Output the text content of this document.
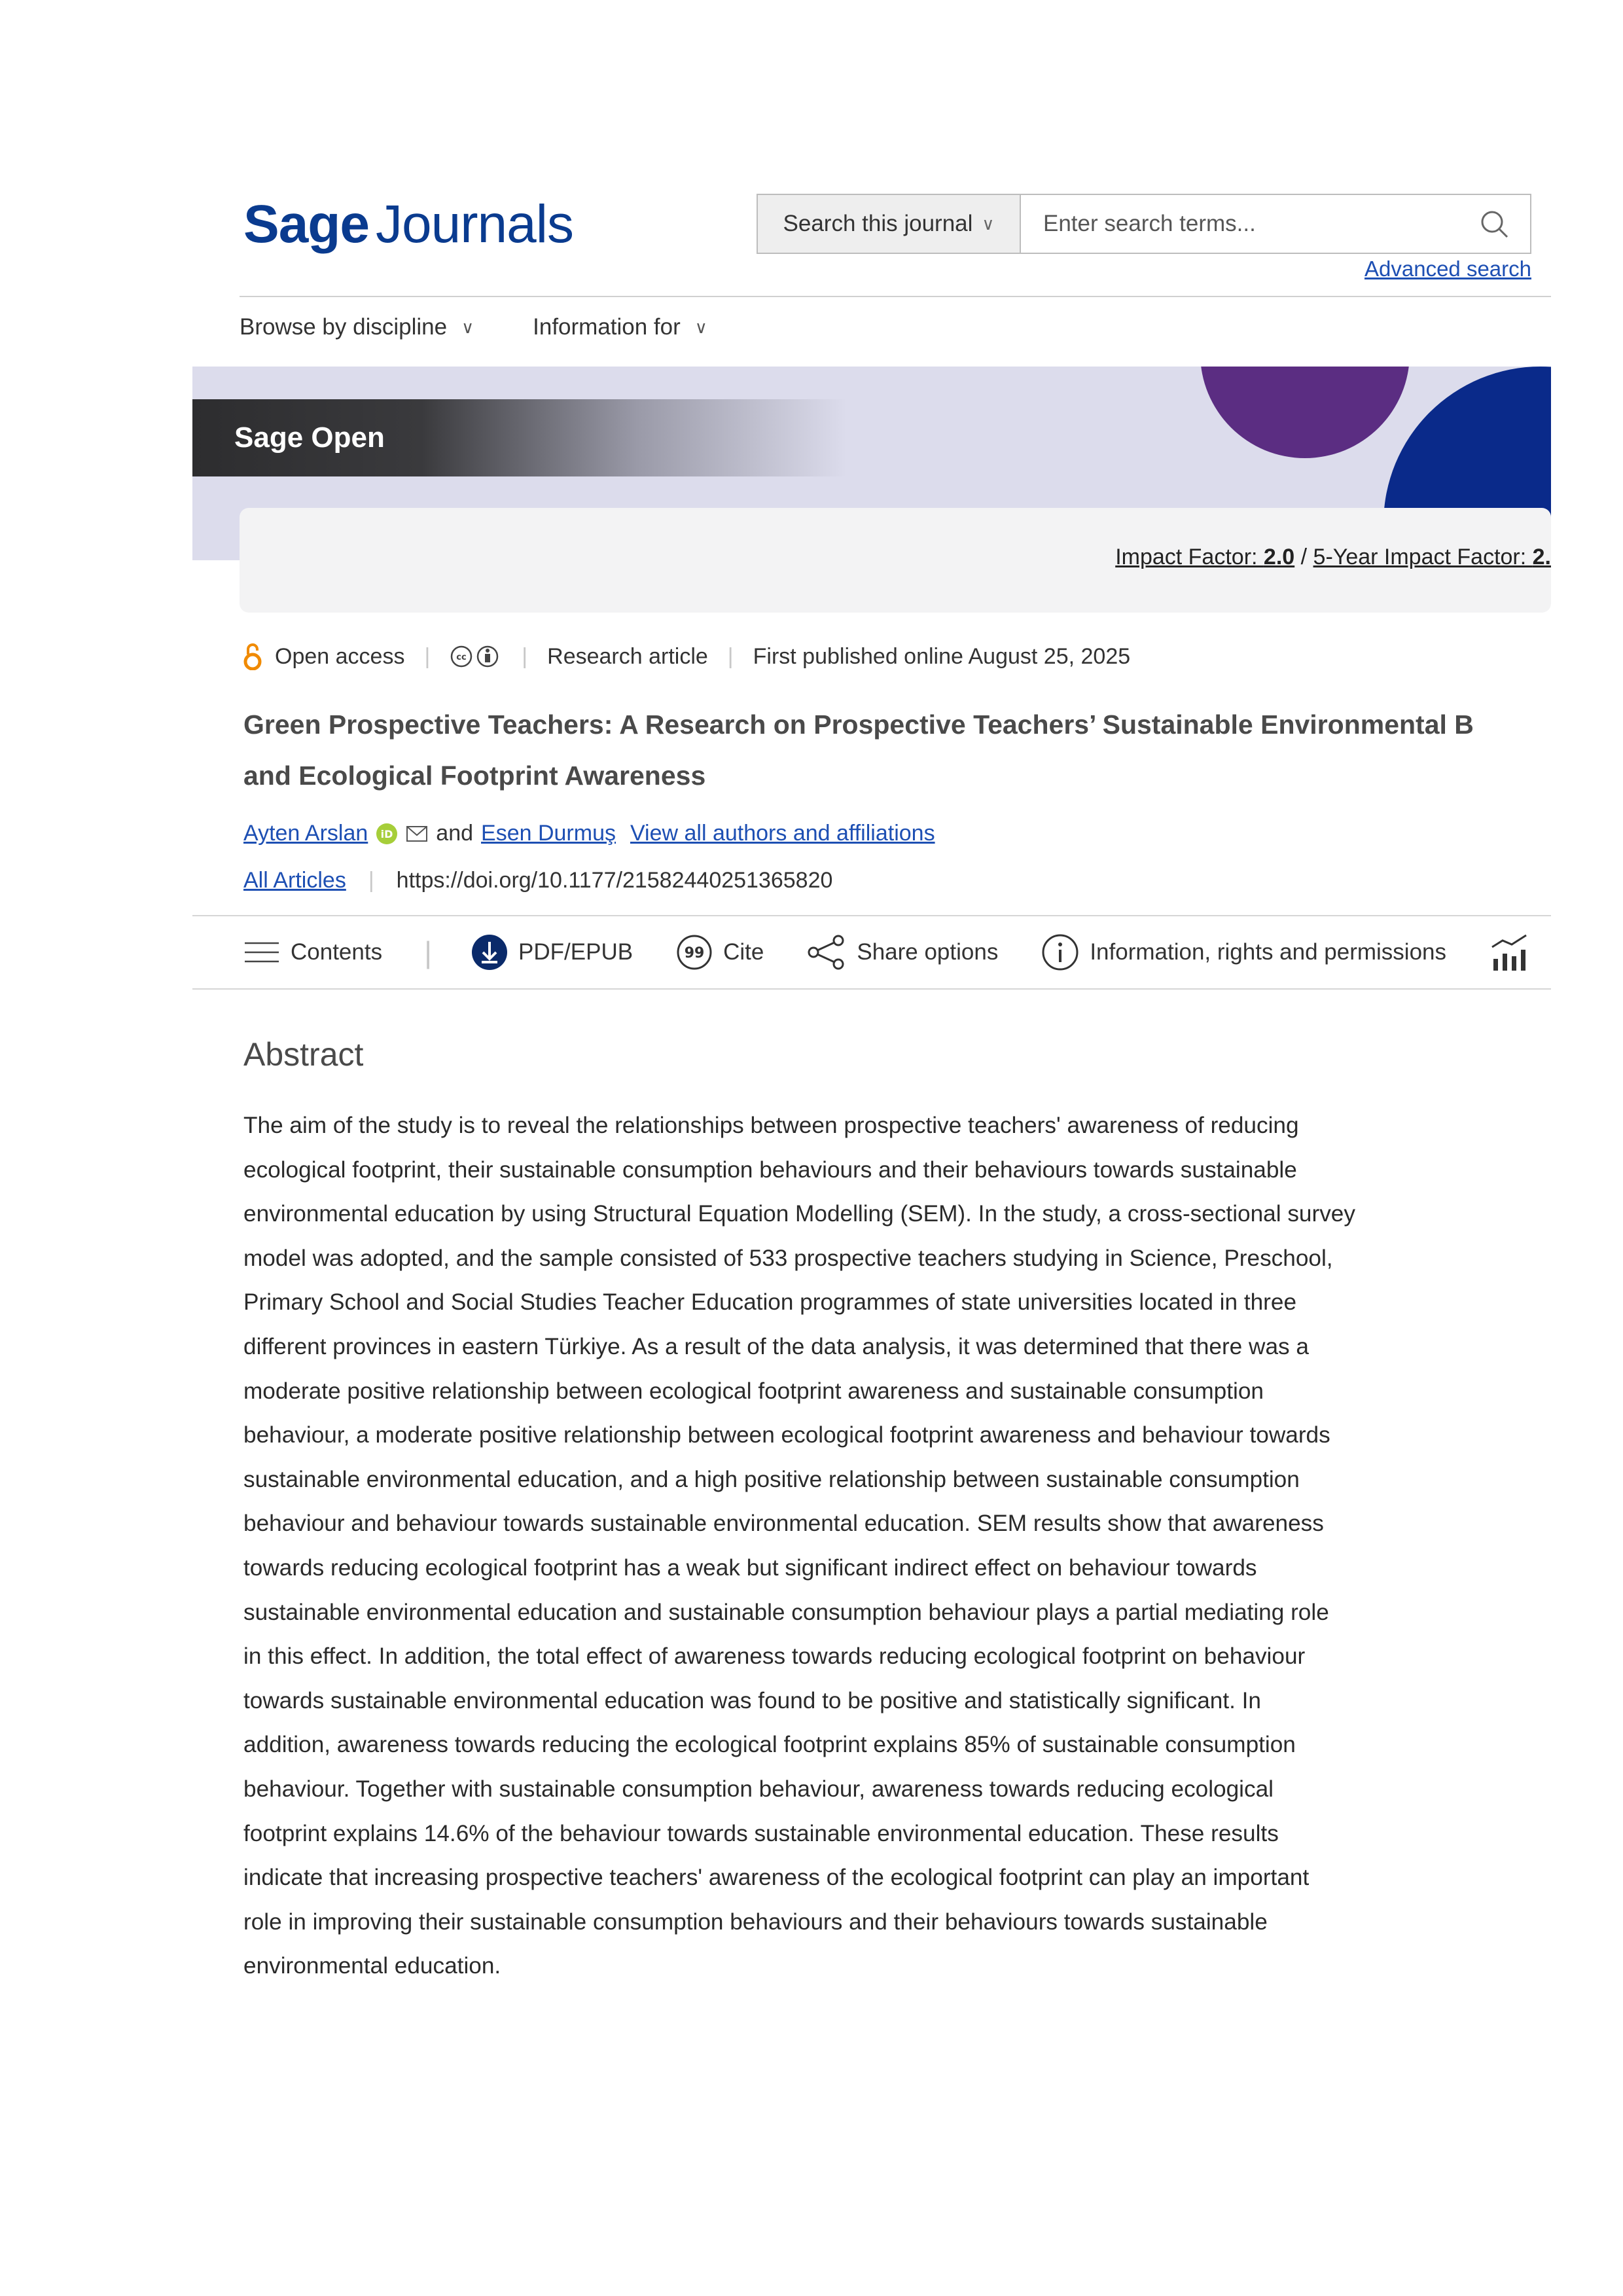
Sage Journals	Search this journal ∨
Enter search terms...
Advanced search
Browse by discipline ∨	Information for ∨
Sage Open
Impact Factor: 2.0 / 5-Year Impact Factor: 2.
Open access |	cc | Research article | First published online August 25, 2025
Green Prospective Teachers: A Research on Prospective Teachers’ Sustainable Environmental B
and Ecological Footprint Awareness
Ayten Arslan iD and Esen Durmuş View all authors and affiliations
All Articles | https://doi.org/10.1177/21582440251365820
Contents |	PDF/EPUB	99 Cite	Share options	Information, rights and permissions
Abstract

The aim of the study is to reveal the relationships between prospective teachers' awareness of reducing

ecological footprint, their sustainable consumption behaviours and their behaviours towards sustainable

environmental education by using Structural Equation Modelling (SEM). In the study, a cross-sectional survey

model was adopted, and the sample consisted of 533 prospective teachers studying in Science, Preschool,

Primary School and Social Studies Teacher Education programmes of state universities located in three

different provinces in eastern Türkiye. As a result of the data analysis, it was determined that there was a

moderate positive relationship between ecological footprint awareness and sustainable consumption

behaviour, a moderate positive relationship between ecological footprint awareness and behaviour towards

sustainable environmental education, and a high positive relationship between sustainable consumption

behaviour and behaviour towards sustainable environmental education. SEM results show that awareness

towards reducing ecological footprint has a weak but significant indirect effect on behaviour towards

sustainable environmental education and sustainable consumption behaviour plays a partial mediating role

in this effect. In addition, the total effect of awareness towards reducing ecological footprint on behaviour

towards sustainable environmental education was found to be positive and statistically significant. In

addition, awareness towards reducing the ecological footprint explains 85% of sustainable consumption

behaviour. Together with sustainable consumption behaviour, awareness towards reducing ecological

footprint explains 14.6% of the behaviour towards sustainable environmental education. These results

indicate that increasing prospective teachers' awareness of the ecological footprint can play an important

role in improving their sustainable consumption behaviours and their behaviours towards sustainable

environmental education.
